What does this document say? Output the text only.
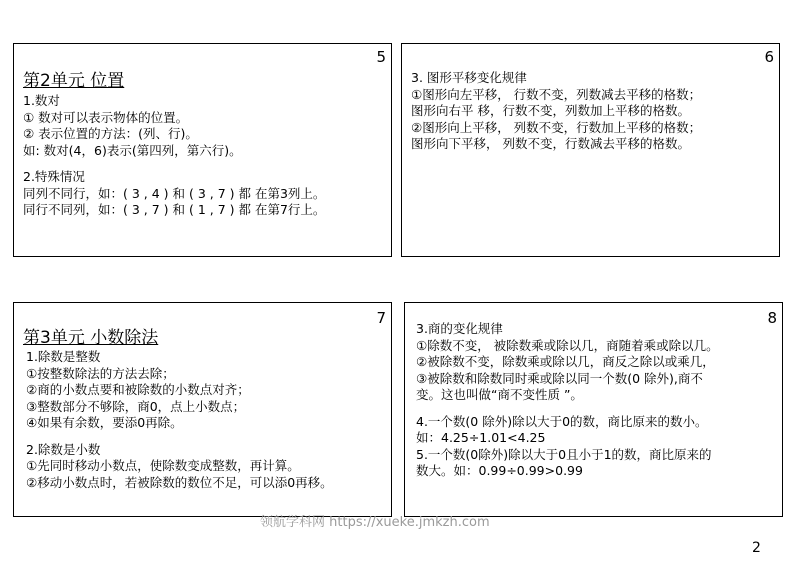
5
第2单元 位置
1.数对
① 数对可以表示物体的位置。
② 表示位置的方法：(列、行)。
如: 数对(4，6)表示(第四列，第六行)。
2.特殊情况
同列不同行，如：( 3 , 4 ) 和 ( 3 , 7 ) 都 在第3列上。
同行不同列，如：( 3 , 7 ) 和 ( 1 , 7 ) 都 在第7行上。
6
3. 图形平移变化规律
①图形向左平移， 行数不变，列数减去平移的格数；
图形向右平 移，行数不变，列数加上平移的格数。
②图形向上平移， 列数不变，行数加上平移的格数；
图形向下平移， 列数不变，行数减去平移的格数。
7
第3单元 小数除法
1.除数是整数
①按整数除法的方法去除；
②商的小数点要和被除数的小数点对齐；
③整数部分不够除，商0，点上小数点；
④如果有余数，要添0再除。
2.除数是小数
①先同时移动小数点，使除数变成整数，再计算。
②移动小数点时，若被除数的数位不足，可以添0再移。
8
3.商的变化规律
①除数不变， 被除数乘或除以几，商随着乘或除以几。
②被除数不变，除数乘或除以几，商反之除以或乘几，
③被除数和除数同时乘或除以同一个数(0 除外),商不
变。这也叫做“商不变性质 ”。
4.一个数(0 除外)除以大于0的数，商比原来的数小。
如：4.25÷1.01<4.25
5.一个数(0除外)除以大于0且小于1的数，商比原来的
数大。如：0.99÷0.99>0.99
领航学科网 https://xueke.jmkzh.com
2
